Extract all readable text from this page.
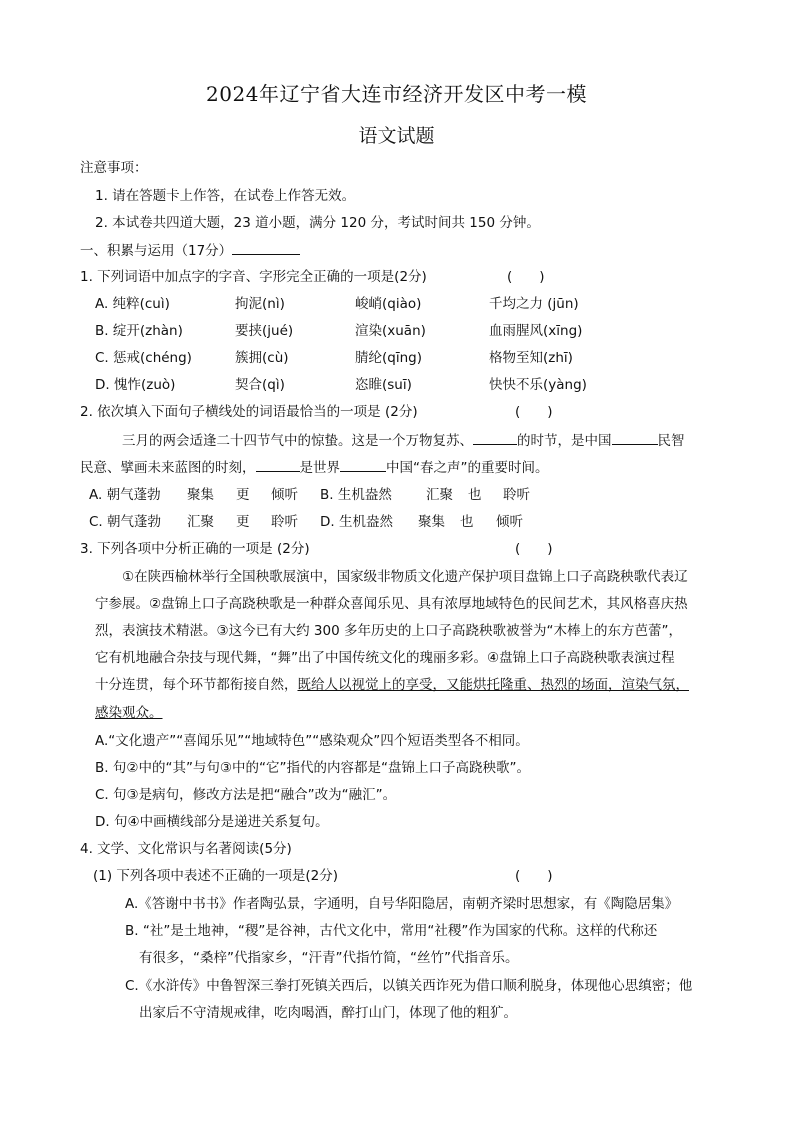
2024年辽宁省大连市经济开发区中考一模
语文试题
注意事项：
1. 请在答题卡上作答，在试卷上作答无效。
2. 本试卷共四道大题，23 道小题，满分 120 分，考试时间共 150 分钟。
一、积累与运用（17分）
1. 下列词语中加点字的字音、字形完全正确的一项是(2分)	(　　)
A. 纯粹(cuì)	拘泥(nì)	峻峭(qiào)	千均之力 (jūn)
B. 绽开(zhàn)	要挟(jué)	渲染(xuān)	血雨腥风(xīng)
C. 惩戒(chéng)	簇拥(cù)	腈纶(qīng)	格物至知(zhī)
D. 愧怍(zuò)	契合(qì)	恣睢(suī)	快快不乐(yàng)
2. 依次填入下面句子横线处的词语最恰当的一项是 (2分)	(　　)
三月的两会适逢二十四节气中的惊蛰。这是一个万物复苏、	的时节，是中国	民智
民意、擘画未来蓝图的时刻，	是世界	中国“春之声”的重要时间。
A. 朝气蓬勃 聚集 更 倾听 B. 生机盎然	汇聚 也 聆听
C. 朝气蓬勃 汇聚 更 聆听 D. 生机盎然 聚集 也 倾听
3. 下列各项中分析正确的一项是 (2分)	(　　)
①在陕西榆林举行全国秧歌展演中，国家级非物质文化遗产保护项目盘锦上口子高跷秧歌代表辽
宁参展。②盘锦上口子高跷秧歌是一种群众喜闻乐见、具有浓厚地域特色的民间艺术，其风格喜庆热
烈，表演技术精湛。③这今已有大约 300 多年历史的上口子高跷秧歌被誉为“木棒上的东方芭蕾”，
它有机地融合杂技与现代舞，“舞”出了中国传统文化的瑰丽多彩。④盘锦上口子高跷秧歌表演过程
十分连贯，每个环节都衔接自然，既给人以视觉上的享受，又能烘托隆重、热烈的场面，渲染气氛，
感染观众。
A.“文化遗产”“喜闻乐见”“地域特色”“感染观众”四个短语类型各不相同。
B. 句②中的“其”与句③中的“它”指代的内容都是“盘锦上口子高跷秧歌”。
C. 句③是病句，修改方法是把“融合”改为“融汇”。
D. 句④中画横线部分是递进关系复句。
4. 文学、文化常识与名著阅读(5分)
(1) 下列各项中表述不正确的一项是(2分)	(　　)
A.《答谢中书书》作者陶弘景，字通明，自号华阳隐居，南朝齐梁时思想家，有《陶隐居集》
B. “社”是土地神，“稷”是谷神，古代文化中，常用“社稷”作为国家的代称。这样的代称还
有很多，“桑梓”代指家乡，“汗青”代指竹简，“丝竹”代指音乐。
C.《水浒传》中鲁智深三拳打死镇关西后，以镇关西诈死为借口顺利脱身，体现他心思缜密；他
出家后不守清规戒律，吃肉喝酒，醉打山门，体现了他的粗犷。
